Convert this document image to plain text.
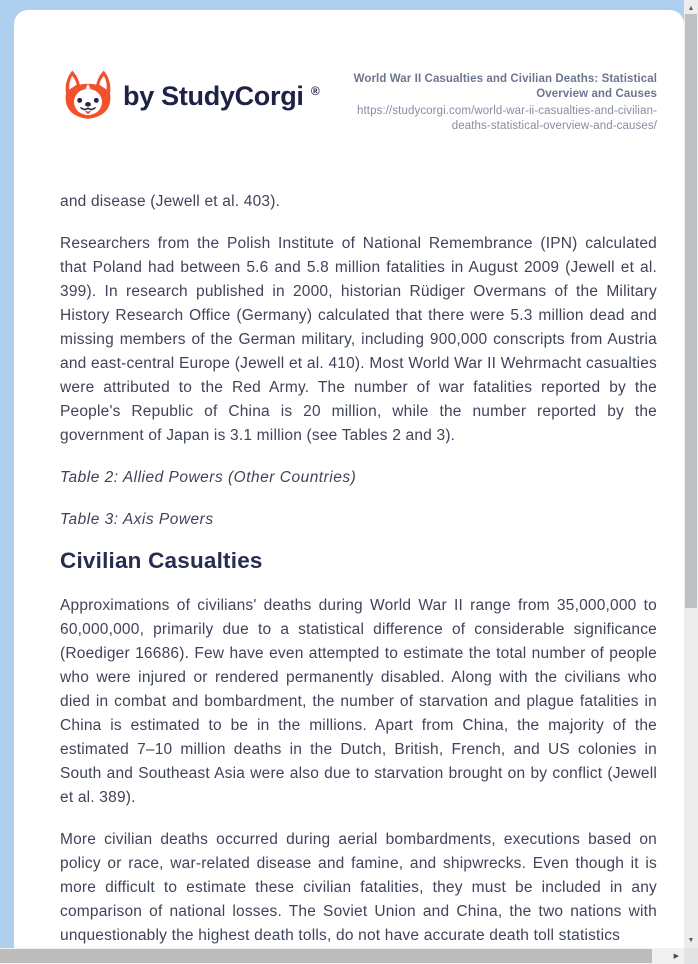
by StudyCorgi ®
World War II Casualties and Civilian Deaths: Statistical Overview and Causes
https://studycorgi.com/world-war-ii-casualties-and-civilian-deaths-statistical-overview-and-causes/

and disease (Jewell et al. 403).

Researchers from the Polish Institute of National Remembrance (IPN) calculated that Poland had between 5.6 and 5.8 million fatalities in August 2009 (Jewell et al. 399). In research published in 2000, historian Rüdiger Overmans of the Military History Research Office (Germany) calculated that there were 5.3 million dead and missing members of the German military, including 900,000 conscripts from Austria and east-central Europe (Jewell et al. 410). Most World War II Wehrmacht casualties were attributed to the Red Army. The number of war fatalities reported by the People's Republic of China is 20 million, while the number reported by the government of Japan is 3.1 million (see Tables 2 and 3).

Table 2: Allied Powers (Other Countries)

Table 3: Axis Powers

Civilian Casualties

Approximations of civilians' deaths during World War II range from 35,000,000 to 60,000,000, primarily due to a statistical difference of considerable significance (Roediger 16686). Few have even attempted to estimate the total number of people who were injured or rendered permanently disabled. Along with the civilians who died in combat and bombardment, the number of starvation and plague fatalities in China is estimated to be in the millions. Apart from China, the majority of the estimated 7–10 million deaths in the Dutch, British, French, and US colonies in South and Southeast Asia were also due to starvation brought on by conflict (Jewell et al. 389).

More civilian deaths occurred during aerial bombardments, executions based on policy or race, war-related disease and famine, and shipwrecks. Even though it is more difficult to estimate these civilian fatalities, they must be included in any comparison of national losses. The Soviet Union and China, the two nations with unquestionably the highest death tolls, do not have accurate death toll statistics

▲
▼
▶
